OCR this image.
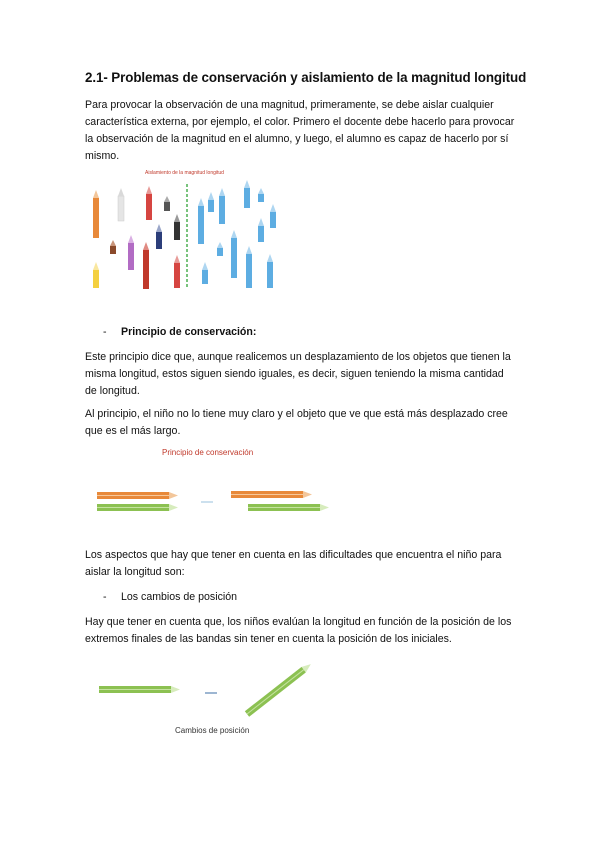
2.1- Problemas de conservación y aislamiento de la magnitud longitud

Para provocar la observación de una magnitud, primeramente, se debe aislar cualquier característica externa, por ejemplo, el color. Primero el docente debe hacerlo para provocar la observación de la magnitud en el alumno, y luego, el alumno es capaz de hacerlo por sí mismo.

Aislamiento de la magnitud longitud
- Principio de conservación:

Este principio dice que, aunque realicemos un desplazamiento de los objetos que tienen la misma longitud, estos siguen siendo iguales, es decir, siguen teniendo la misma cantidad de longitud.

Al principio, el niño no lo tiene muy claro y el objeto que ve que está más desplazado cree que es el más largo.

Principio de conservación

Los aspectos que hay que tener en cuenta en las dificultades que encuentra el niño para aislar la longitud son:

- Los cambios de posición

Hay que tener en cuenta que, los niños evalúan la longitud en función de la posición de los extremos finales de las bandas sin tener en cuenta la posición de los iniciales.

Cambios de posición
